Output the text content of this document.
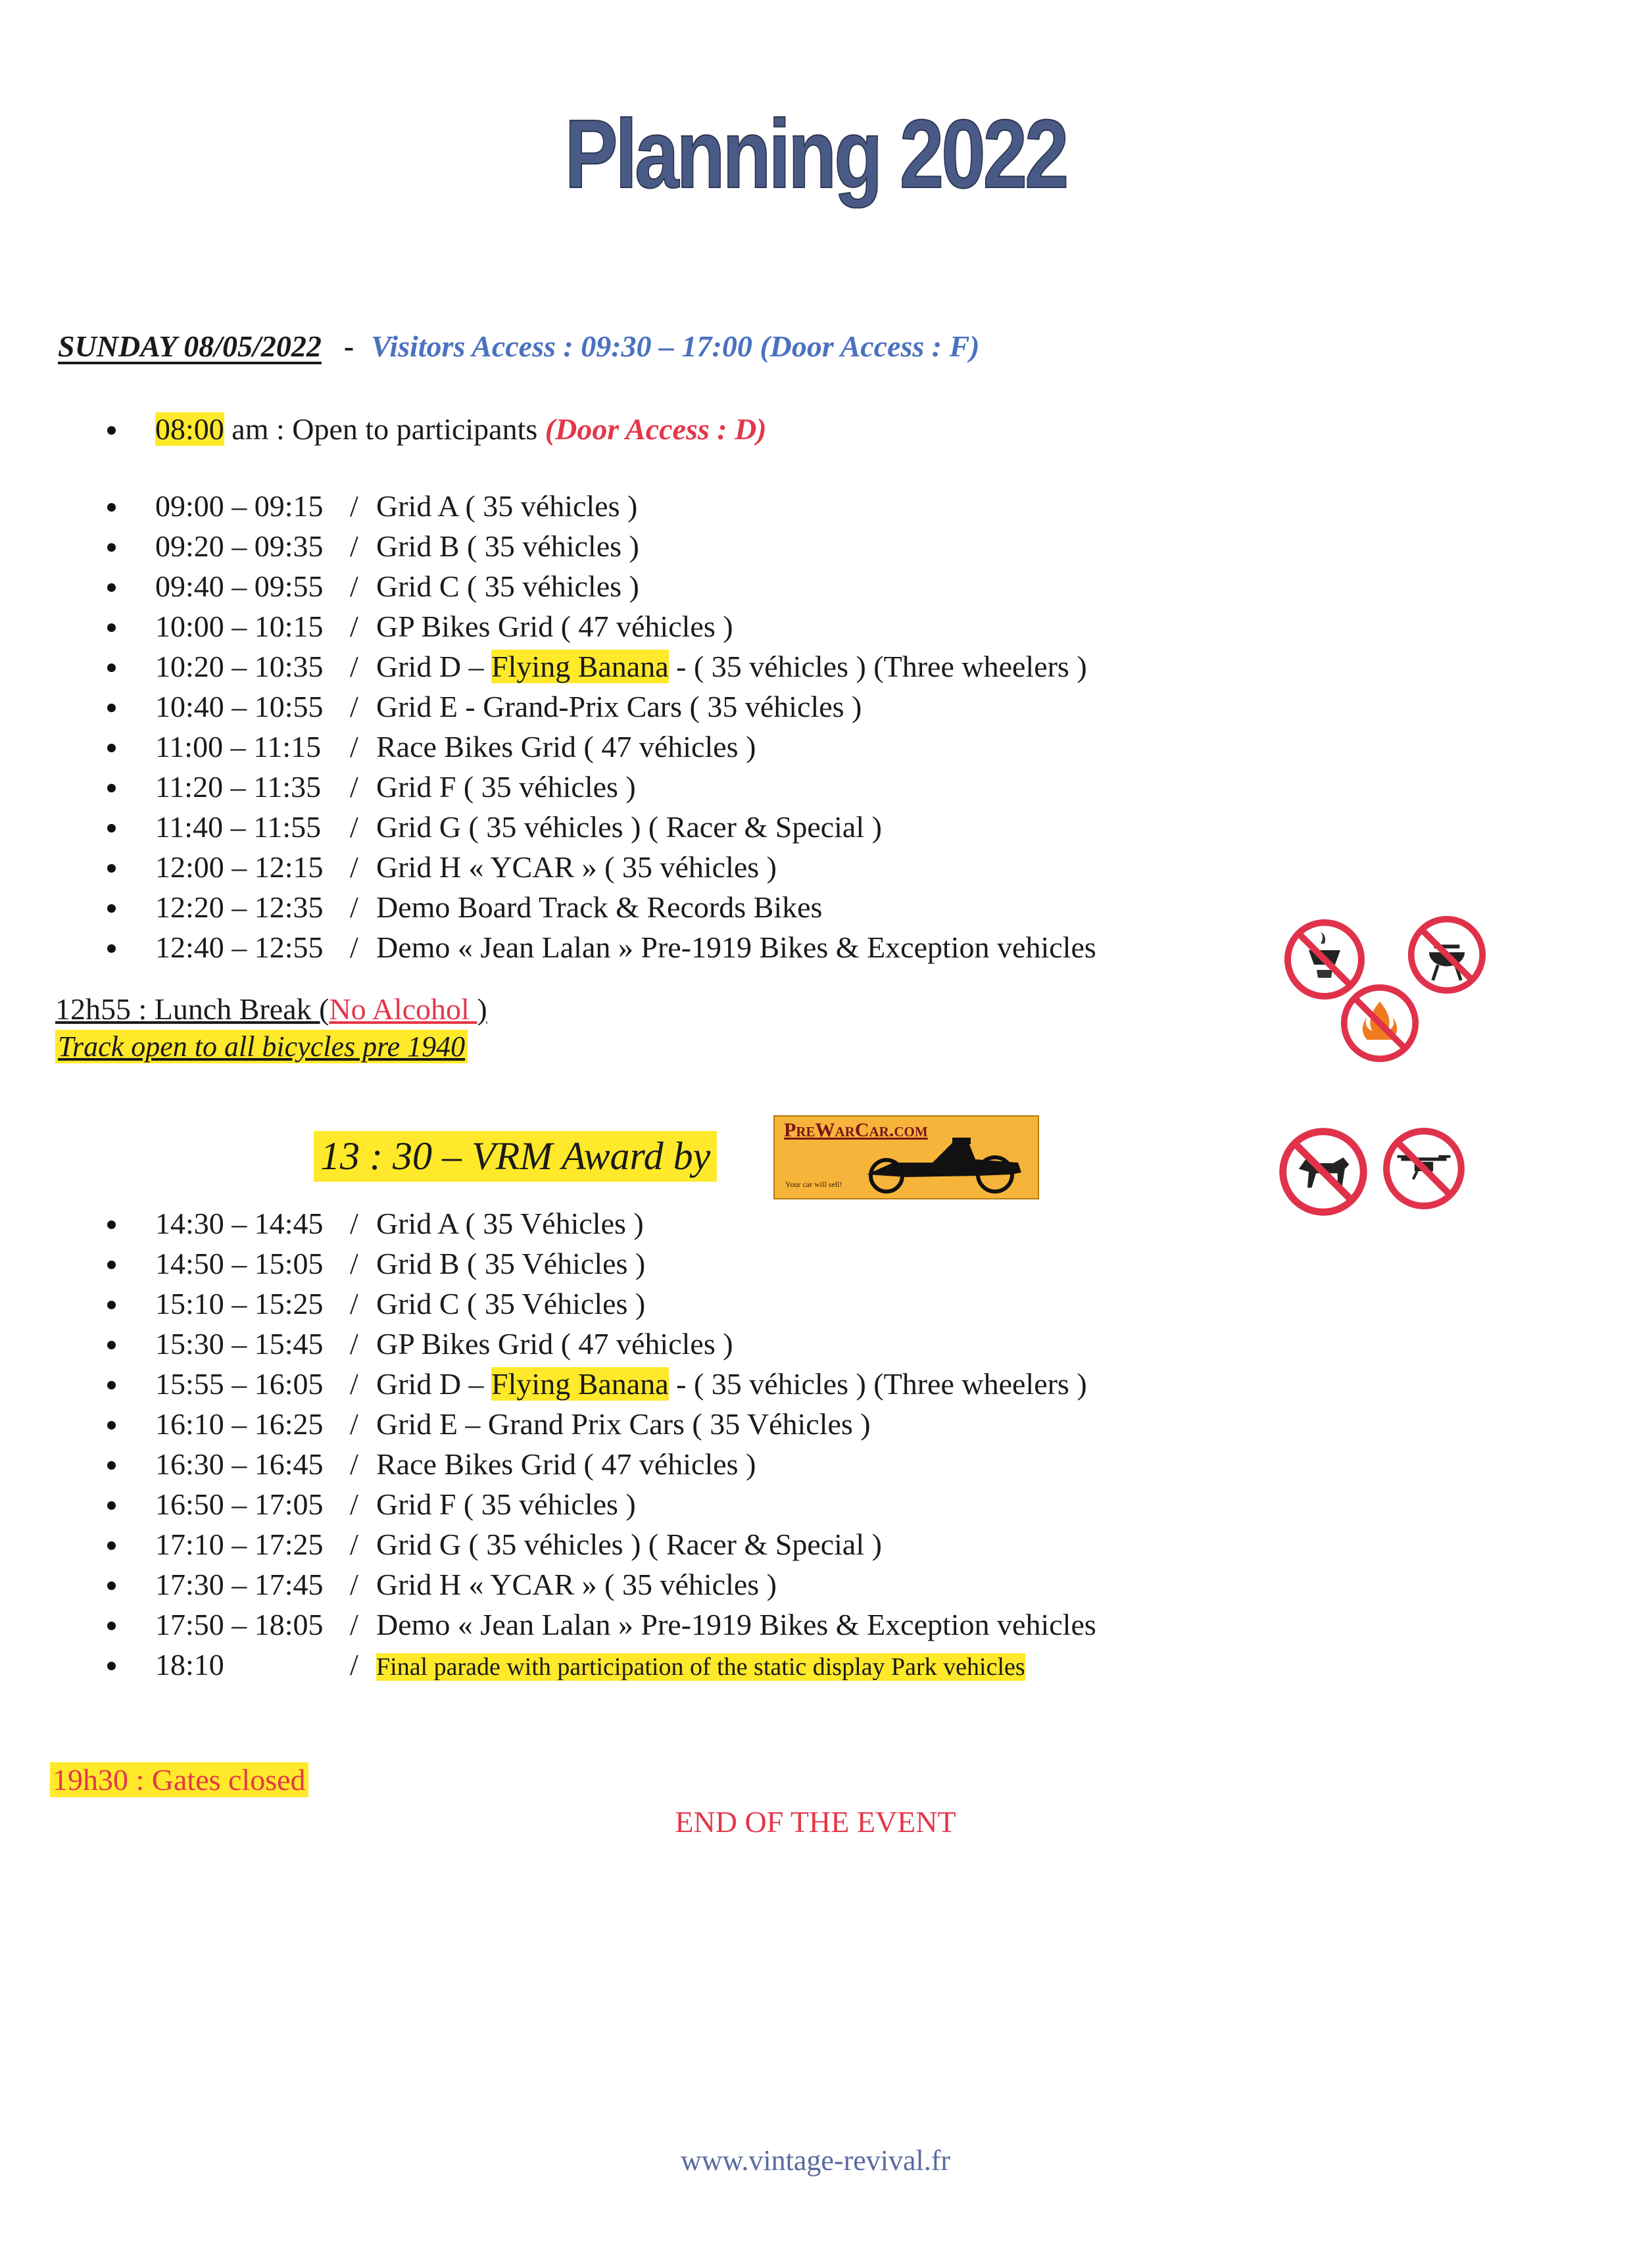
Planning 2022
SUNDAY 08/05/2022 - Visitors Access : 09:30 – 17:00 (Door Access : F)
08:00 am : Open to participants (Door Access : D)
09:00 – 09:15 / Grid A ( 35 véhicles )
09:20 – 09:35 / Grid B ( 35 véhicles )
09:40 – 09:55 / Grid C ( 35 véhicles )
10:00 – 10:15 / GP Bikes Grid ( 47 véhicles )
10:20 – 10:35 / Grid D – Flying Banana - ( 35 véhicles ) (Three wheelers )
10:40 – 10:55 / Grid E - Grand-Prix Cars ( 35 véhicles )
11:00 – 11:15 / Race Bikes Grid ( 47 véhicles )
11:20 – 11:35 / Grid F ( 35 véhicles )
11:40 – 11:55 / Grid G ( 35 véhicles ) ( Racer & Special )
12:00 – 12:15 / Grid H « YCAR » ( 35 véhicles )
12:20 – 12:35 / Demo Board Track & Records Bikes
12:40 – 12:55 / Demo « Jean Lalan » Pre-1919 Bikes & Exception vehicles
12h55 : Lunch Break (No Alcohol )
Track open to all bicycles pre 1940
13 : 30 – VRM Award by
PreWarCar.com
Your car will sell!
14:30 – 14:45 / Grid A ( 35 Véhicles )
14:50 – 15:05 / Grid B ( 35 Véhicles )
15:10 – 15:25 / Grid C ( 35 Véhicles )
15:30 – 15:45 / GP Bikes Grid ( 47 véhicles )
15:55 – 16:05 / Grid D – Flying Banana - ( 35 véhicles ) (Three wheelers )
16:10 – 16:25 / Grid E – Grand Prix Cars ( 35 Véhicles )
16:30 – 16:45 / Race Bikes Grid ( 47 véhicles )
16:50 – 17:05 / Grid F ( 35 véhicles )
17:10 – 17:25 / Grid G ( 35 véhicles ) ( Racer & Special )
17:30 – 17:45 / Grid H « YCAR » ( 35 véhicles )
17:50 – 18:05 / Demo « Jean Lalan » Pre-1919 Bikes & Exception vehicles
18:10	/ Final parade with participation of the static display Park vehicles
19h30 : Gates closed
END OF THE EVENT
www.vintage-revival.fr
